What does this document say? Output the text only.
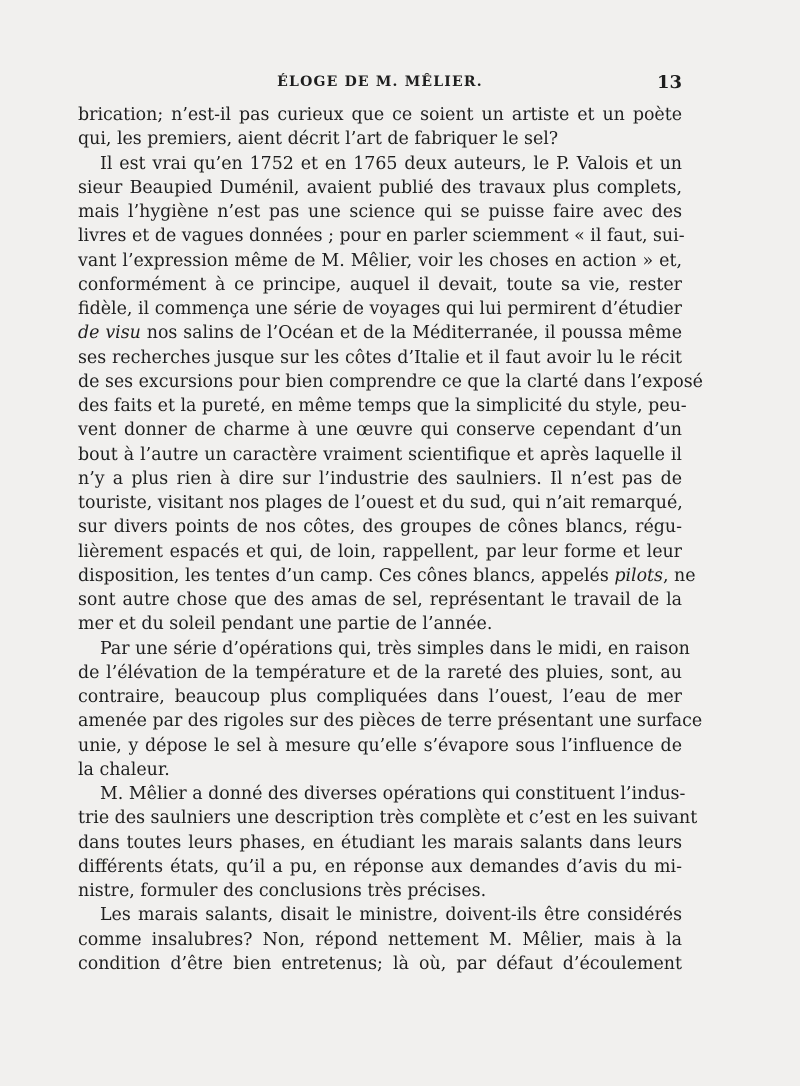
ÉLOGE DE M. MÊLIER.	13
brication; n’est-il pas curieux que ce soient un artiste et un poète
qui, les premiers, aient décrit l’art de fabriquer le sel?
Il est vrai qu’en 1752 et en 1765 deux auteurs, le P. Valois et un
sieur Beaupied Duménil, avaient publié des travaux plus complets,
mais l’hygiène n’est pas une science qui se puisse faire avec des
livres et de vagues données ; pour en parler sciemment « il faut, sui-
vant l’expression même de M. Mêlier, voir les choses en action » et,
conformément à ce principe, auquel il devait, toute sa vie, rester
fidèle, il commença une série de voyages qui lui permirent d’étudier
de visu nos salins de l’Océan et de la Méditerranée, il poussa même
ses recherches jusque sur les côtes d’Italie et il faut avoir lu le récit
de ses excursions pour bien comprendre ce que la clarté dans l’exposé
des faits et la pureté, en même temps que la simplicité du style, peu-
vent donner de charme à une œuvre qui conserve cependant d’un
bout à l’autre un caractère vraiment scientifique et après laquelle il
n’y a plus rien à dire sur l’industrie des saulniers. Il n’est pas de
touriste, visitant nos plages de l’ouest et du sud, qui n’ait remarqué,
sur divers points de nos côtes, des groupes de cônes blancs, régu-
lièrement espacés et qui, de loin, rappellent, par leur forme et leur
disposition, les tentes d’un camp. Ces cônes blancs, appelés pilots, ne
sont autre chose que des amas de sel, représentant le travail de la
mer et du soleil pendant une partie de l’année.
Par une série d’opérations qui, très simples dans le midi, en raison
de l’élévation de la température et de la rareté des pluies, sont, au
contraire, beaucoup plus compliquées dans l’ouest, l’eau de mer
amenée par des rigoles sur des pièces de terre présentant une surface
unie, y dépose le sel à mesure qu’elle s’évapore sous l’influence de
la chaleur.
M. Mêlier a donné des diverses opérations qui constituent l’indus-
trie des saulniers une description très complète et c’est en les suivant
dans toutes leurs phases, en étudiant les marais salants dans leurs
différents états, qu’il a pu, en réponse aux demandes d’avis du mi-
nistre, formuler des conclusions très précises.
Les marais salants, disait le ministre, doivent-ils être considérés
comme insalubres? Non, répond nettement M. Mêlier, mais à la
condition d’être bien entretenus; là où, par défaut d’écoulement
